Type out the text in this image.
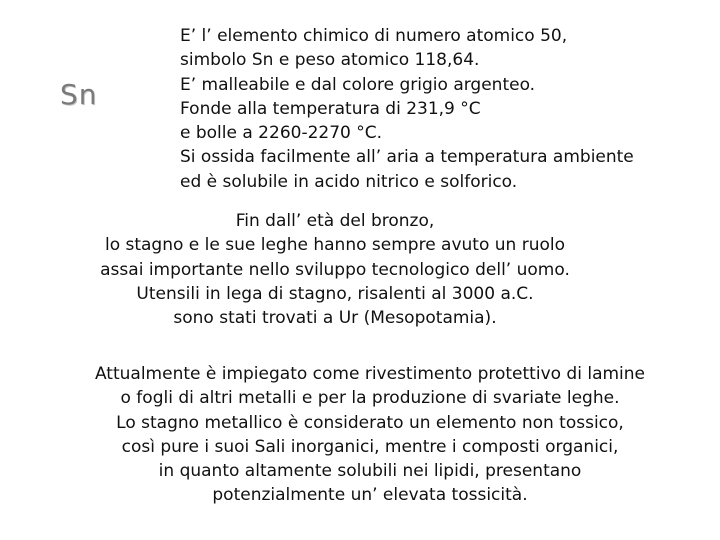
Sn
E’ l’ elemento chimico di numero atomico 50,
simbolo Sn e peso atomico 118,64.
E’ malleabile e dal colore grigio argenteo.
Fonde alla temperatura di 231,9 °C
e bolle a 2260-2270 °C.
Si ossida facilmente all’ aria a temperatura ambiente
ed è solubile in acido nitrico e solforico.
Fin dall’ età del bronzo,
lo stagno e le sue leghe hanno sempre avuto un ruolo
assai importante nello sviluppo tecnologico dell’ uomo.
Utensili in lega di stagno, risalenti al 3000 a.C.
sono stati trovati a Ur (Mesopotamia).
Attualmente è impiegato come rivestimento protettivo di lamine
o fogli di altri metalli e per la produzione di svariate leghe.
Lo stagno metallico è considerato un elemento non tossico,
così pure i suoi Sali inorganici, mentre i composti organici,
in quanto altamente solubili nei lipidi, presentano
potenzialmente un’ elevata tossicità.
